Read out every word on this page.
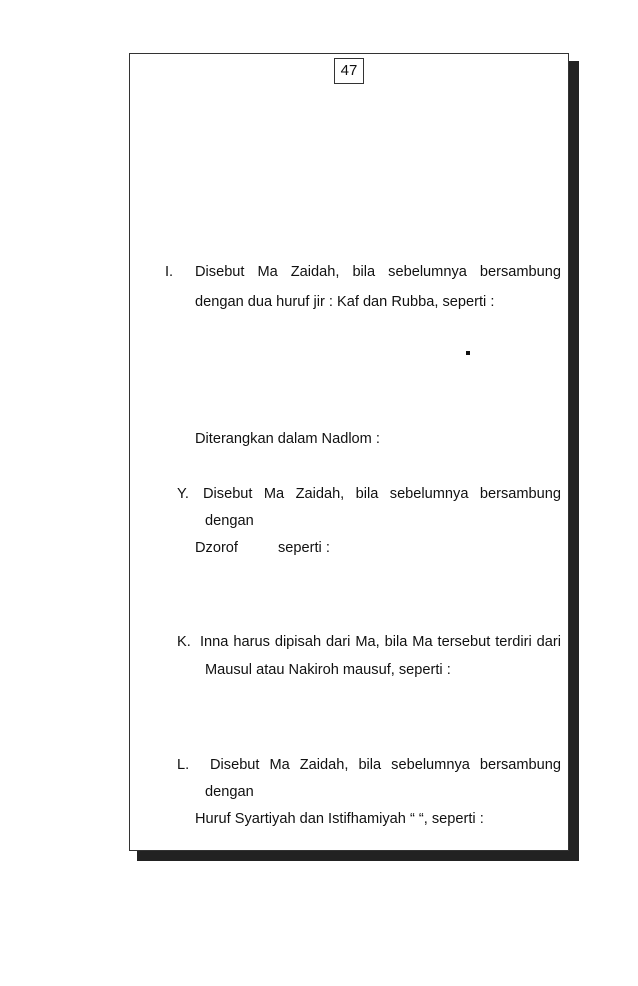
47
I. Disebut Ma Zaidah, bila sebelumnya bersambung
dengan dua huruf jir : Kaf dan Rubba, seperti :
Diterangkan dalam Nadlom :
Y. Disebut Ma Zaidah, bila sebelumnya bersambung
dengan
Dzorof	seperti :
K. Inna harus dipisah dari Ma, bila Ma tersebut terdiri dari
Mausul atau Nakiroh mausuf, seperti :
L. Disebut Ma Zaidah, bila sebelumnya bersambung
dengan
Huruf Syartiyah dan Istifhamiyah “ “, seperti :
